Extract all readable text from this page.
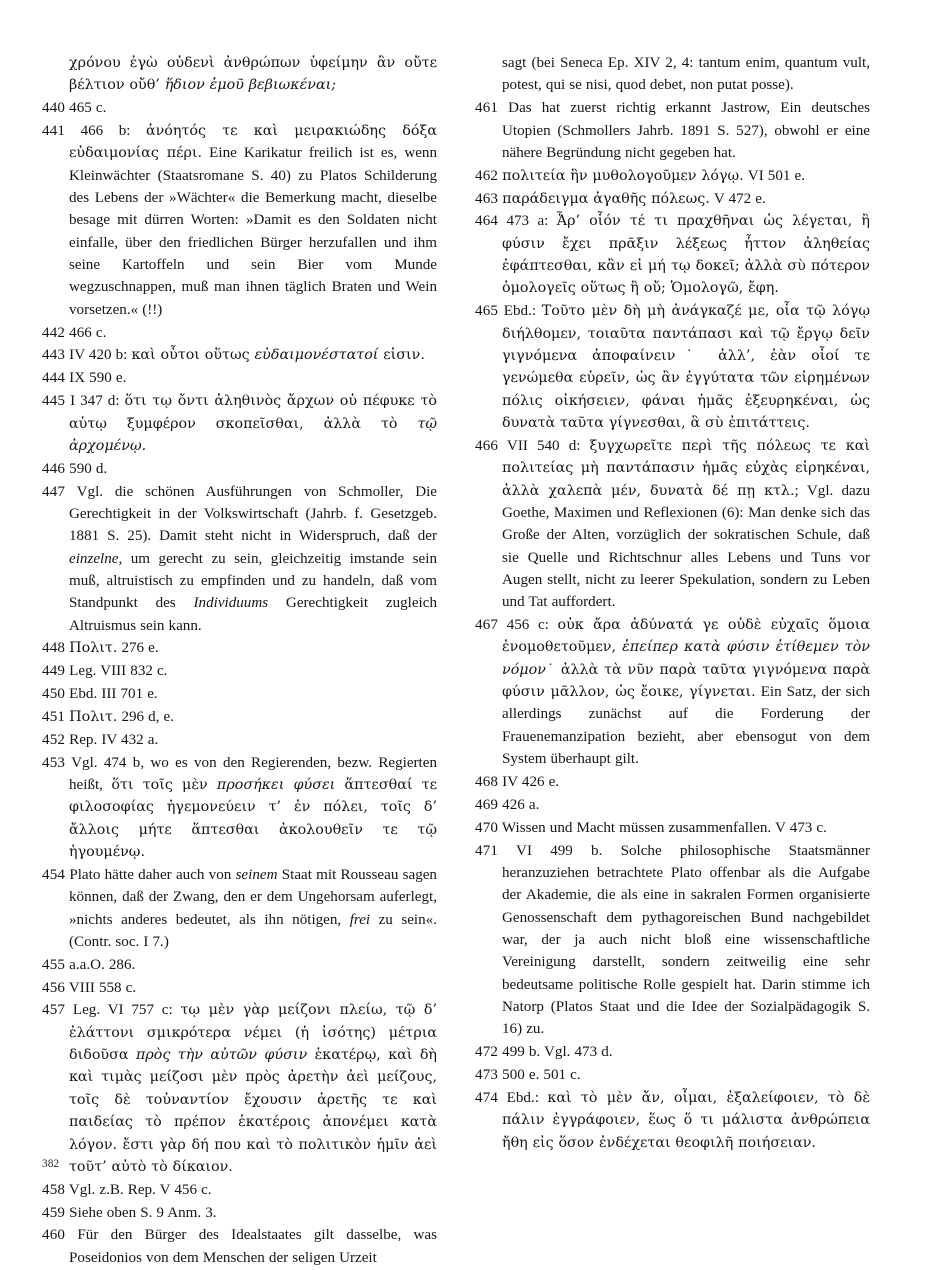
χρόνου ἐγὼ οὐδενὶ ἀνθρώπων ὑφείμην ἂν οὔτε βέλτιον οὔθ’ ἥδιον ἐμοῦ βεβιωκέναι;

440 465 c.

441 466 b: ἀνόητός τε καὶ μειρακιώδης δόξα εὐδαιμονίας πέρι. Eine Karikatur freilich ist es, wenn Kleinwächter (Staatsromane S. 40) zu Platos Schilderung des Lebens der »Wächter« die Bemerkung macht, dieselbe besage mit dürren Worten: »Damit es den Soldaten nicht einfalle, über den friedlichen Bürger herzufallen und ihm seine Kartoffeln und sein Bier vom Munde wegzuschnappen, muß man ihnen täglich Braten und Wein vorsetzen.« (!!)

442 466 c.

443 IV 420 b: καὶ οὗτοι οὕτως εὐδαιμονέστατοί εἰσιν.

444 IX 590 e.

445 I 347 d: ὅτι τῳ ὄντι ἀληθινὸς ἄρχων οὐ πέφυκε τὸ αὑτῳ ξυμφέρον σκοπεῖσθαι, ἀλλὰ τὸ τῷ ἀρχομένῳ.

446 590 d.

447 Vgl. die schönen Ausführungen von Schmoller, Die Gerechtigkeit in der Volkswirtschaft (Jahrb. f. Gesetzgeb. 1881 S. 25). Damit steht nicht in Widerspruch, daß der einzelne, um gerecht zu sein, gleichzeitig imstande sein muß, altruistisch zu empfinden und zu handeln, daß vom Standpunkt des Individuums Gerechtigkeit zugleich Altruismus sein kann.

448 Πολιτ. 276 e.

449 Leg. VIII 832 c.

450 Ebd. III 701 e.

451 Πολιτ. 296 d, e.

452 Rep. IV 432 a.

453 Vgl. 474 b, wo es von den Regierenden, bezw. Regierten heißt, ὅτι τοῖς μὲν προσήκει φύσει ἅπτεσθαί τε φιλοσοφίας ἡγεμονεύειν τ’ ἐν πόλει, τοῖς δ’ ἄλλοις μήτε ἅπτεσθαι ἀκολουθεῖν τε τῷ ἡγουμένῳ.

454 Plato hätte daher auch von seinem Staat mit Rousseau sagen können, daß der Zwang, den er dem Ungehorsam auferlegt, »nichts anderes bedeutet, als ihn nötigen, frei zu sein«. (Contr. soc. I 7.)

455 a.a.O. 286.

456 VIII 558 c.

457 Leg. VI 757 c: τῳ μὲν γὰρ μείζονι πλείω, τῷ δ’ ἐλάττονι σμικρότερα νέμει (ἡ ἰσότης) μέτρια διδοῦσα πρὸς τὴν αὐτῶν φύσιν ἑκατέρῳ, καὶ δὴ καὶ τιμὰς μείζοσι μὲν πρὸς ἀρετὴν ἀεὶ μείζους, τοῖς δὲ τοὐναντίον ἔχουσιν ἀρετῆς τε καὶ παιδείας τὸ πρέπον ἑκατέροις ἀπονέμει κατὰ λόγον. ἔστι γὰρ δή που καὶ τὸ πολιτικὸν ἡμῖν ἀεὶ τοῦτ’ αὐτὸ τὸ δίκαιον.

458 Vgl. z.B. Rep. V 456 c.

459 Siehe oben S. 9 Anm. 3.

460 Für den Bürger des Idealstaates gilt dasselbe, was Poseidonios von dem Menschen der seligen Urzeit

sagt (bei Seneca Ep. XIV 2, 4: tantum enim, quantum vult, potest, qui se nisi, quod debet, non putat posse).

461 Das hat zuerst richtig erkannt Jastrow, Ein deutsches Utopien (Schmollers Jahrb. 1891 S. 527), obwohl er eine nähere Begründung nicht gegeben hat.

462 πολιτεία ἣν μυθολογοῦμεν λόγῳ. VI 501 e.

463 παράδειγμα ἀγαθῆς πόλεως. V 472 e.

464 473 a: Ἆρ’ οἷόν τέ τι πραχθῆναι ὡς λέγεται, ἢ φύσιν ἔχει πρᾶξιν λέξεως ἧττον ἀληθείας ἐφάπτεσθαι, κἂν εἰ μή τῳ δοκεῖ; ἀλλὰ σὺ πότερον ὁμολογεῖς οὕτως ἢ οὔ; Ὁμολογῶ, ἔφη.

465 Ebd.: Τοῦτο μὲν δὴ μὴ ἀνάγκαζέ με, οἷα τῷ λόγῳ διήλθομεν, τοιαῦτα παντάπασι καὶ τῷ ἔργῳ δεῖν γιγνόμενα ἀποφαίνειν˙ ἀλλ’, ἐὰν οἷοί τε γενώμεθα εὑρεῖν, ὡς ἂν ἐγγύτατα τῶν εἰρημένων πόλις οἰκήσειεν, φάναι ἡμᾶς ἐξευρηκέναι, ὡς δυνατὰ ταῦτα γίγνεσθαι, ἃ σὺ ἐπιτάττεις.

466 VII 540 d: ξυγχωρεῖτε περὶ τῆς πόλεως τε καὶ πολιτείας μὴ παντάπασιν ἡμᾶς εὐχὰς εἰρηκέναι, ἀλλὰ χαλεπὰ μέν, δυνατὰ δέ πῃ κτλ.; Vgl. dazu Goethe, Maximen und Reflexionen (6): Man denke sich das Große der Alten, vorzüglich der sokratischen Schule, daß sie Quelle und Richtschnur alles Lebens und Tuns vor Augen stellt, nicht zu leerer Spekulation, sondern zu Leben und Tat auffordert.

467 456 c: οὐκ ἄρα ἀδύνατά γε οὐδὲ εὐχαῖς ὅμοια ἐνομοθετοῦμεν, ἐπείπερ κατὰ φύσιν ἐτίθεμεν τὸν νόμον˙ ἀλλὰ τὰ νῦν παρὰ ταῦτα γιγνόμενα παρὰ φύσιν μᾶλλον, ὡς ἔοικε, γίγνεται. Ein Satz, der sich allerdings zunächst auf die Forderung der Frauenemanzipation bezieht, aber ebensogut von dem System überhaupt gilt.

468 IV 426 e.

469 426 a.

470 Wissen und Macht müssen zusammenfallen. V 473 c.

471 VI 499 b. Solche philosophische Staatsmänner heranzuziehen betrachtete Plato offenbar als die Aufgabe der Akademie, die als eine in sakralen Formen organisierte Genossenschaft dem pythagoreischen Bund nachgebildet war, der ja auch nicht bloß eine wissenschaftliche Vereinigung darstellt, sondern zeitweilig eine sehr bedeutsame politische Rolle gespielt hat. Darin stimme ich Natorp (Platos Staat und die Idee der Sozialpädagogik S. 16) zu.

472 499 b. Vgl. 473 d.

473 500 e. 501 c.

474 Ebd.: καὶ τὸ μὲν ἄν, οἶμαι, ἐξαλείφοιεν, τὸ δὲ πάλιν ἐγγράφοιεν, ἕως ὅ τι μάλιστα ἀνθρώπεια ἤθη εἰς ὅσον ἐνδέχεται θεοφιλῆ ποιήσειαν.

382
